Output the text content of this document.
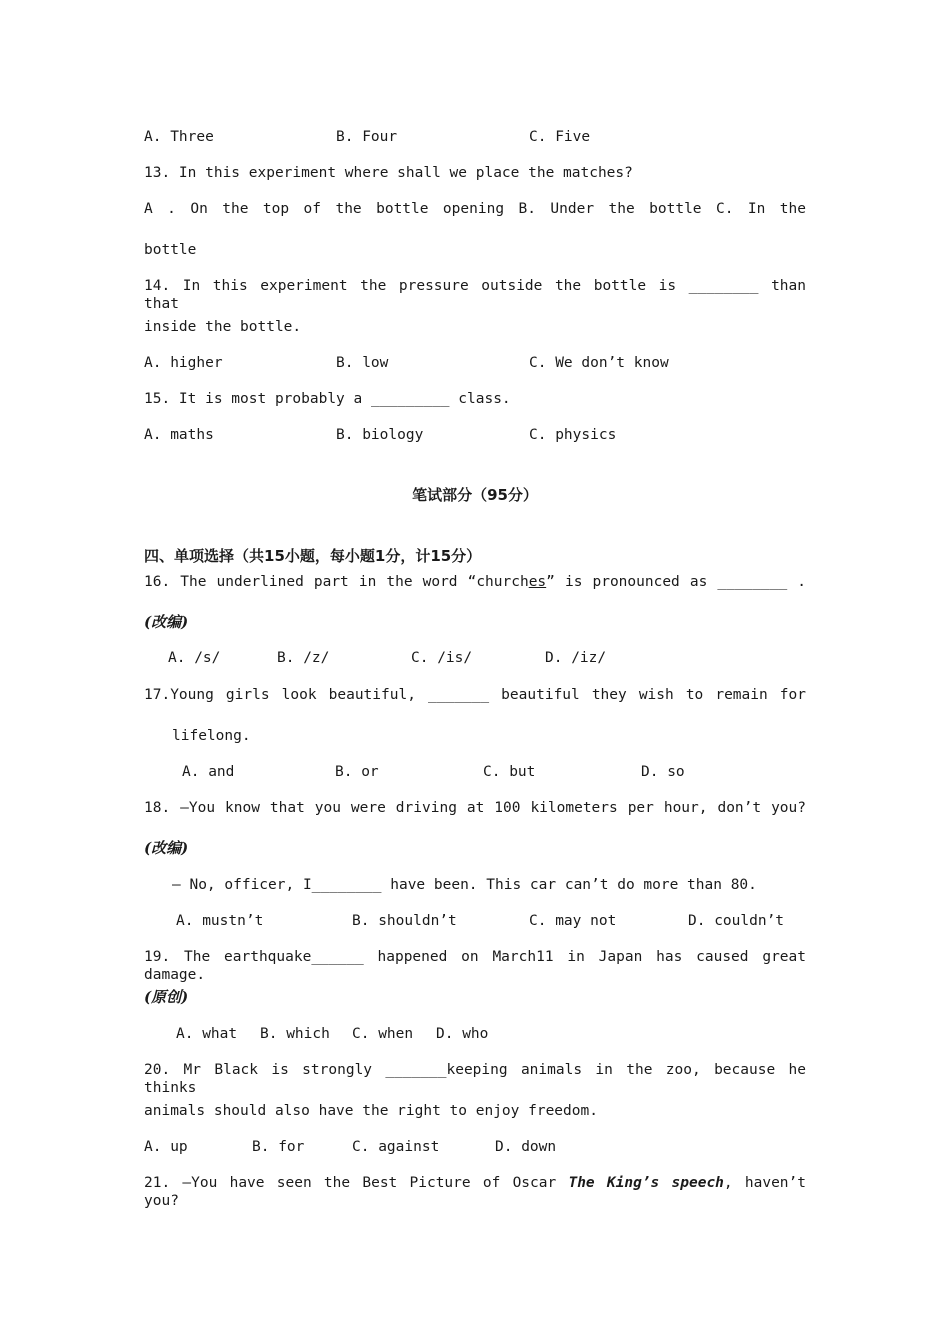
A. Three	B. Four	C. Five
13. In this experiment where shall we place the matches?
A . On the top of the bottle opening B. Under the bottle C. In the
bottle
14. In this experiment the pressure outside the bottle is ________ than that
inside the bottle.
A. higher	B. low	C. We don’t know
15. It is most probably a _________ class.
A. maths	B. biology	C. physics
笔试部分（95分）
四、单项选择（共15小题，每小题1分，计15分）
16. The underlined part in the word “churches” is pronounced as ________ .
(改编)
A. /s/	B. /z/	C. /is/	D. /iz/
17.Young girls look beautiful, _______ beautiful they wish to remain for
lifelong.
A. and	B. or	C. but	D. so
18. –You know that you were driving at 100 kilometers per hour, don’t you?
(改编)
– No, officer, I________ have been. This car can’t do more than 80.
A. mustn’t	B. shouldn’t	C. may not	D. couldn’t
19. The earthquake______ happened on March11 in Japan has caused great damage.
(原创)
A. what B. which C. when D. who
20. Mr Black is strongly _______keeping animals in the zoo, because he thinks
animals should also have the right to enjoy freedom.
A. up	B. for	C. against	D. down
21. —You have seen the Best Picture of Oscar The King’s speech, haven’t you?
